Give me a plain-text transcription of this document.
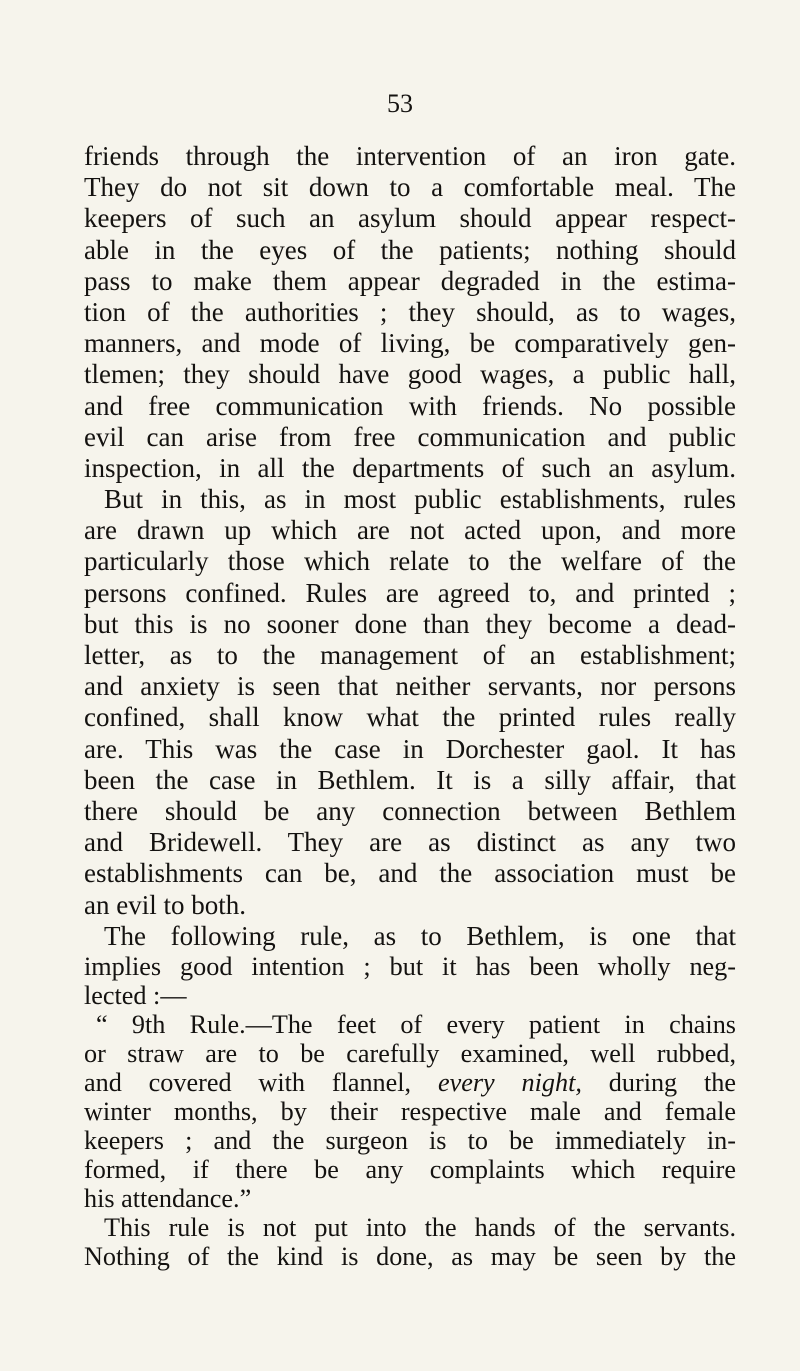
53
friends through the intervention of an iron gate.
They do not sit down to a comfortable meal. The
keepers of such an asylum should appear respect-
able in the eyes of the patients; nothing should
pass to make them appear degraded in the estima-
tion of the authorities ; they should, as to wages,
manners, and mode of living, be comparatively gen-
tlemen; they should have good wages, a public hall,
and free communication with friends. No possible
evil can arise from free communication and public
inspection, in all the departments of such an asylum.
But in this, as in most public establishments, rules
are drawn up which are not acted upon, and more
particularly those which relate to the welfare of the
persons confined. Rules are agreed to, and printed ;
but this is no sooner done than they become a dead-
letter, as to the management of an establishment;
and anxiety is seen that neither servants, nor persons
confined, shall know what the printed rules really
are. This was the case in Dorchester gaol. It has
been the case in Bethlem. It is a silly affair, that
there should be any connection between Bethlem
and Bridewell. They are as distinct as any two
establishments can be, and the association must be
an evil to both.
The following rule, as to Bethlem, is one that
implies good intention ; but it has been wholly neg-
lected :—
“ 9th Rule.—The feet of every patient in chains
or straw are to be carefully examined, well rubbed,
and covered with flannel, every night, during the
winter months, by their respective male and female
keepers ; and the surgeon is to be immediately in-
formed, if there be any complaints which require
his attendance.”
This rule is not put into the hands of the servants.
Nothing of the kind is done, as may be seen by the
